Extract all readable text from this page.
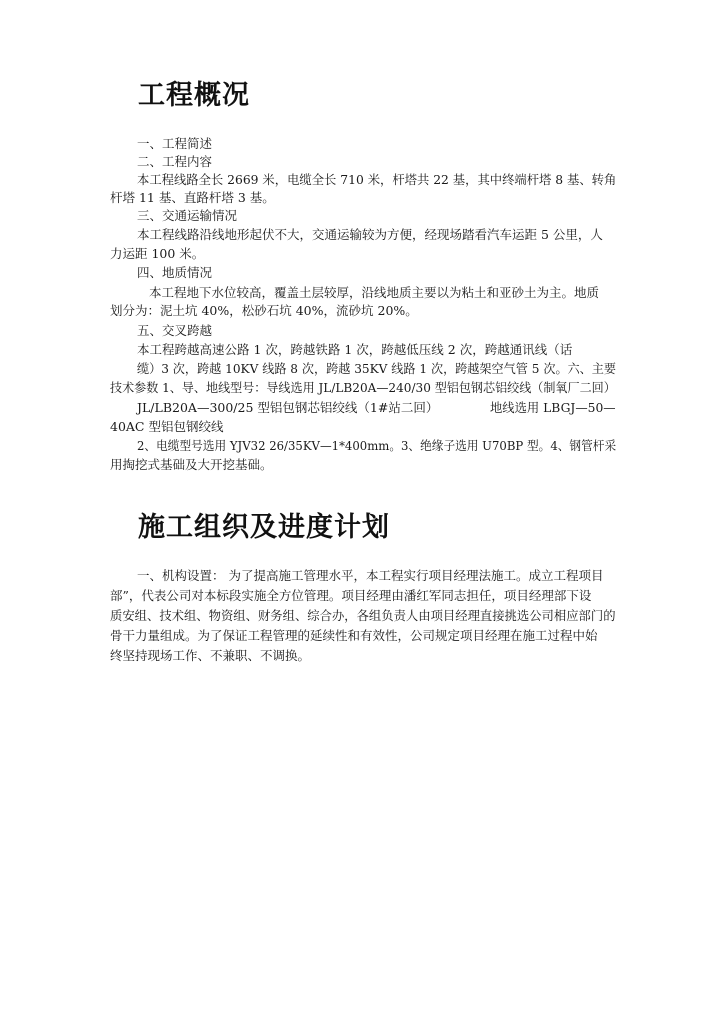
工程概况
一、工程简述
二、工程内容
本工程线路全长 2669 米，电缆全长 710 米，杆塔共 22 基，其中终端杆塔 8 基、转角
杆塔 11 基、直路杆塔 3 基。
三、交通运输情况
本工程线路沿线地形起伏不大，交通运输较为方便，经现场踏看汽车运距 5 公里，人
力运距 100 米。
四、地质情况
本工程地下水位较高，覆盖土层较厚，沿线地质主要以为粘土和亚砂土为主。地质
划分为：泥土坑 40%，松砂石坑 40%，流砂坑 20%。
五、交叉跨越
本工程跨越高速公路 1 次，跨越铁路 1 次，跨越低压线 2 次，跨越通讯线（话
缆）3 次，跨越 10KV 线路 8 次，跨越 35KV 线路 1 次，跨越架空气管 5 次。六、主要
技术参数 1、导、地线型号：导线选用 JL/LB20A—240/30 型铝包钢芯铝绞线（制氧厂二回）
JL/LB20A—300/25 型铝包钢芯铝绞线（1#站二回）	地线选用 LBGJ—50—
40AC 型铝包钢绞线
2、电缆型号选用 YJV32 26/35KV—1*400mm。3、绝缘子选用 U70BP 型。4、钢管杆采
用掏挖式基础及大开挖基础。
施工组织及进度计划
一、机构设置： 为了提高施工管理水平，本工程实行项目经理法施工。成立工程项目
部”，代表公司对本标段实施全方位管理。项目经理由潘红军同志担任，项目经理部下设
质安组、技术组、物资组、财务组、综合办，各组负责人由项目经理直接挑选公司相应部门的
骨干力量组成。为了保证工程管理的延续性和有效性，公司规定项目经理在施工过程中始
终坚持现场工作、不兼职、不调换。
